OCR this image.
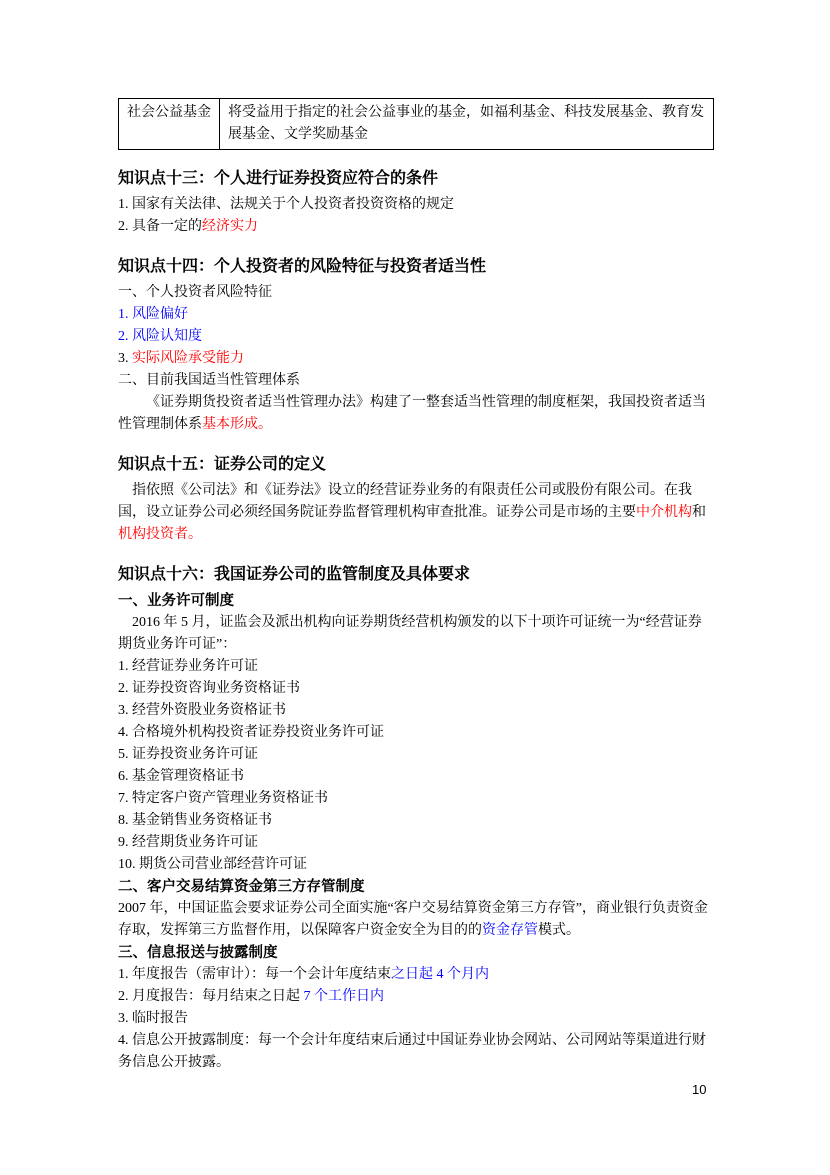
社会公益基金	将受益用于指定的社会公益事业的基金，如福利基金、科技发展基金、教育发展基金、文学奖励基金
知识点十三：个人进行证券投资应符合的条件
1. 国家有关法律、法规关于个人投资者投资资格的规定
2. 具备一定的经济实力
知识点十四：个人投资者的风险特征与投资者适当性
一、个人投资者风险特征
1. 风险偏好
2. 风险认知度
3. 实际风险承受能力
二、目前我国适当性管理体系

《证券期货投资者适当性管理办法》构建了一整套适当性管理的制度框架，我国投资者适当性管理制体系基本形成。

知识点十五：证券公司的定义

指依照《公司法》和《证券法》设立的经营证券业务的有限责任公司或股份有限公司。在我国，设立证券公司必须经国务院证券监督管理机构审查批准。证券公司是市场的主要中介机构和机构投资者。

知识点十六：我国证券公司的监管制度及具体要求
一、业务许可制度

2016 年 5 月，证监会及派出机构向证券期货经营机构颁发的以下十项许可证统一为“经营证券期货业务许可证”：

1. 经营证券业务许可证
2. 证券投资咨询业务资格证书
3. 经营外资股业务资格证书
4. 合格境外机构投资者证券投资业务许可证
5. 证券投资业务许可证
6. 基金管理资格证书
7. 特定客户资产管理业务资格证书
8. 基金销售业务资格证书
9. 经营期货业务许可证
10. 期货公司营业部经营许可证
二、客户交易结算资金第三方存管制度

2007 年，中国证监会要求证券公司全面实施“客户交易结算资金第三方存管”，商业银行负责资金存取，发挥第三方监督作用，以保障客户资金安全为目的的资金存管模式。

三、信息报送与披露制度
1. 年度报告（需审计）：每一个会计年度结束之日起 4 个月内
2. 月度报告：每月结束之日起 7 个工作日内
3. 临时报告

4. 信息公开披露制度：每一个会计年度结束后通过中国证券业协会网站、公司网站等渠道进行财务信息公开披露。

10
